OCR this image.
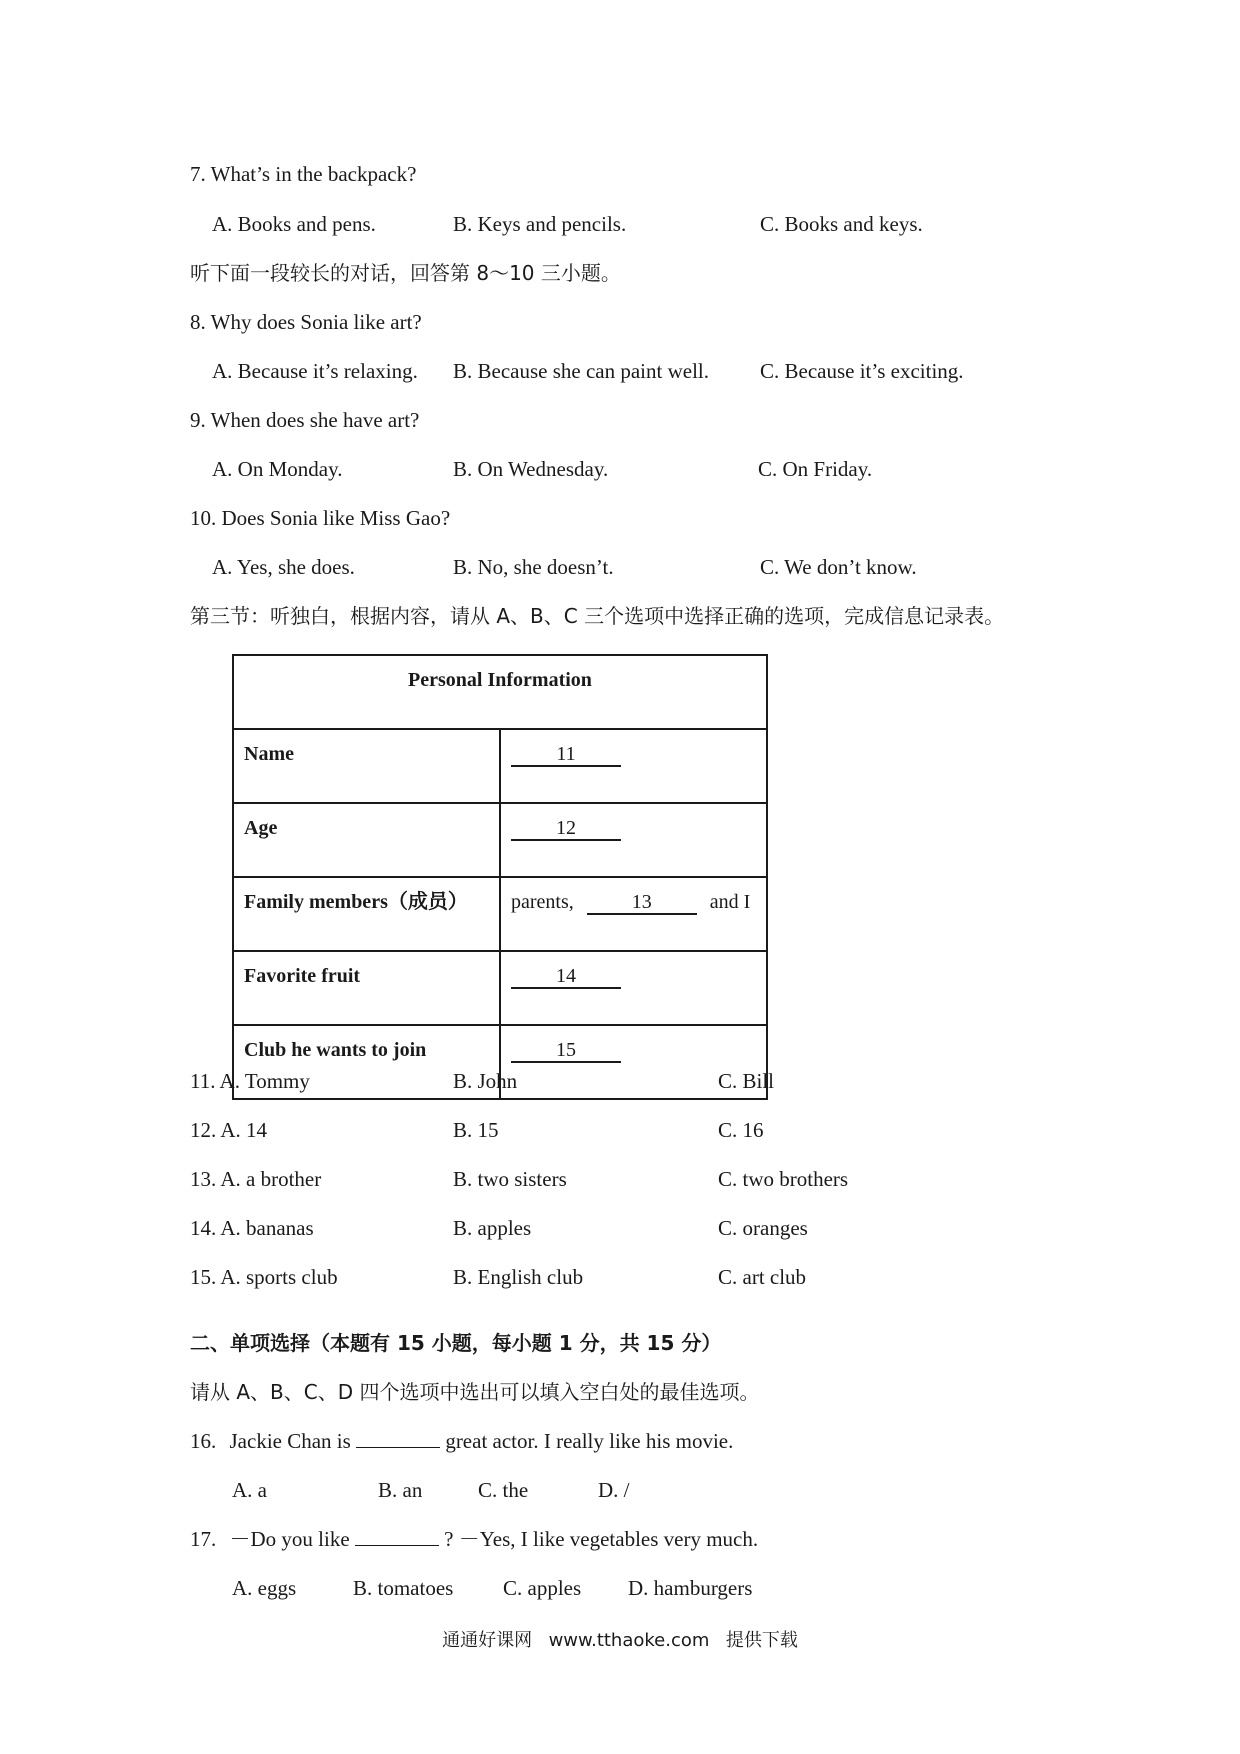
7. What’s in the backpack?
A. Books and pens.	B. Keys and pencils.	C. Books and keys.
听下面一段较长的对话，回答第 8～10 三小题。
8. Why does Sonia like art?
A. Because it’s relaxing. B. Because she can paint well. C. Because it’s exciting.
9. When does she have art?
A. On Monday.	B. On Wednesday.	C. On Friday.
10. Does Sonia like Miss Gao?
A. Yes, she does.	B. No, she doesn’t.	C. We don’t know.
第三节：听独白，根据内容，请从 A、B、C 三个选项中选择正确的选项，完成信息记录表。
Personal Information	
Name	11
Age	12
Family members（成员）	parents, 13 and I
Favorite fruit	14
Club he wants to join	15
11. A. Tommy	B. John	C. Bill
12. A. 14	B. 15	C. 16
13. A. a brother	B. two sisters	C. two brothers
14. A. bananas	B. apples	C. oranges
15. A. sports club	B. English club	C. art club
二、单项选择（本题有 15 小题，每小题 1 分，共 15 分）
请从 A、B、C、D 四个选项中选出可以填入空白处的最佳选项。
16. Jackie Chan is	great actor. I really like his movie.
A. a	B. an	C. the	D. /
17. －Do you like	? －Yes, I like vegetables very much.
A. eggs	B. tomatoes C. apples D. hamburgers
通通好课网 www.tthaoke.com 提供下载
